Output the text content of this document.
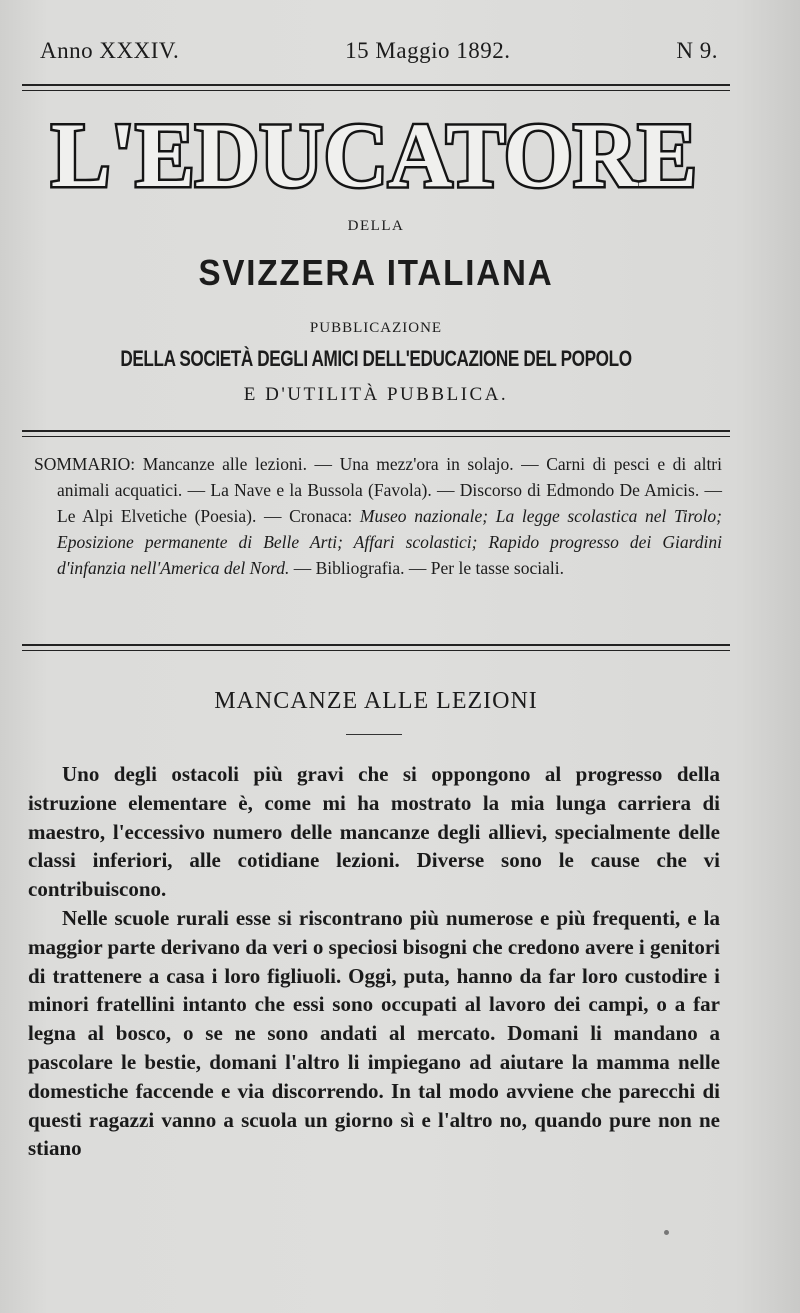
Anno XXXIV.	15 Maggio 1892.	N 9.
L'EDUCATORE
DELLA
SVIZZERA ITALIANA
PUBBLICAZIONE
DELLA SOCIETÀ DEGLI AMICI DELL'EDUCAZIONE DEL POPOLO
E D'UTILITÀ PUBBLICA.
SOMMARIO: Mancanze alle lezioni. — Una mezz'ora in solajo. — Carni di pesci e di altri animali acquatici. — La Nave e la Bussola (Favola). — Discorso di Edmondo De Amicis. — Le Alpi Elvetiche (Poesia). — Cronaca: Museo nazionale; La legge scolastica nel Tirolo; Eposizione permanente di Belle Arti; Affari scolastici; Rapido progresso dei Giardini d'infanzia nell'America del Nord. — Bibliografia. — Per le tasse sociali.
MANCANZE ALLE LEZIONI

Uno degli ostacoli più gravi che si oppongono al progresso della istruzione elementare è, come mi ha mostrato la mia lunga carriera di maestro, l'eccessivo numero delle mancanze degli allievi, specialmente delle classi inferiori, alle cotidiane lezioni. Diverse sono le cause che vi contribuiscono.

Nelle scuole rurali esse si riscontrano più numerose e più frequenti, e la maggior parte derivano da veri o speciosi bisogni che credono avere i genitori di trattenere a casa i loro figliuoli. Oggi, puta, hanno da far loro custodire i minori fratellini intanto che essi sono occupati al lavoro dei campi, o a far legna al bosco, o se ne sono andati al mercato. Domani li mandano a pascolare le bestie, domani l'altro li impiegano ad aiutare la mamma nelle domestiche faccende e via discorrendo. In tal modo avviene che parecchi di questi ragazzi vanno a scuola un giorno sì e l'altro no, quando pure non ne stiano
